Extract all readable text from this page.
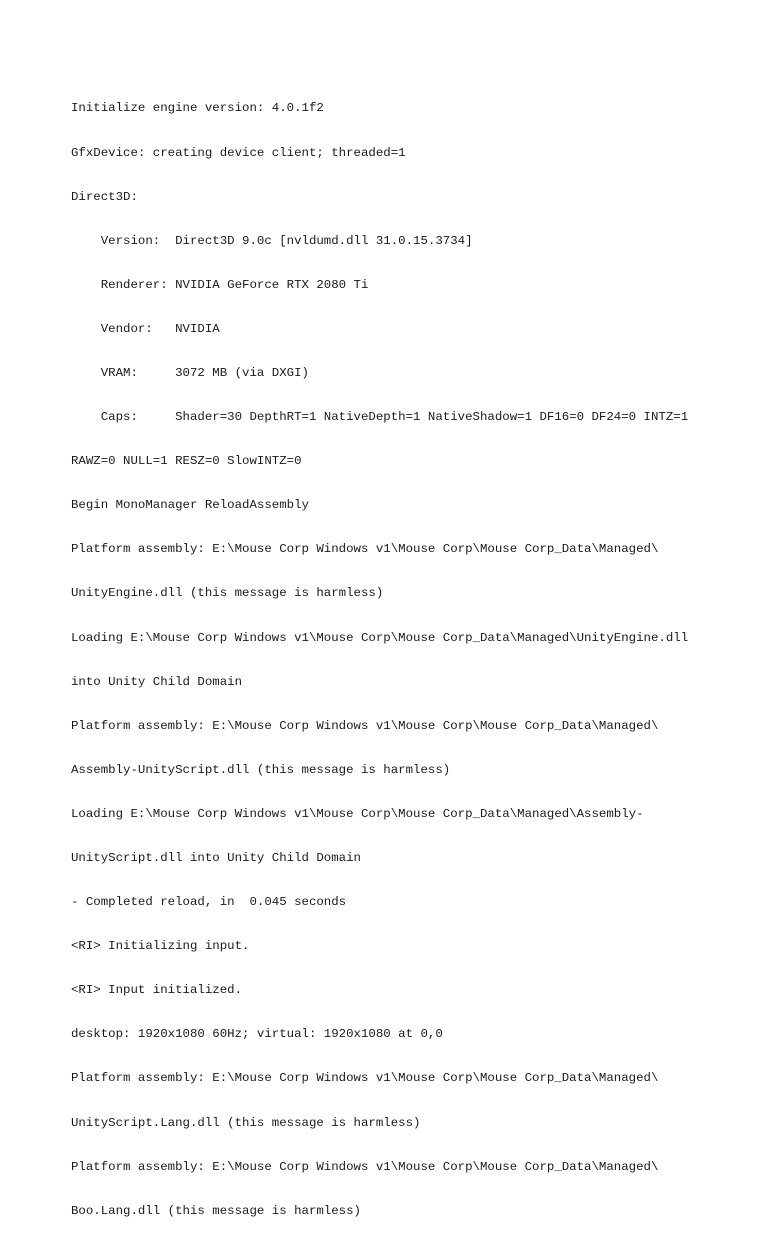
Initialize engine version: 4.0.1f2

GfxDevice: creating device client; threaded=1

Direct3D:

Version:  Direct3D 9.0c [nvldumd.dll 31.0.15.3734]

Renderer: NVIDIA GeForce RTX 2080 Ti

Vendor:   NVIDIA

VRAM:     3072 MB (via DXGI)

Caps:     Shader=30 DepthRT=1 NativeDepth=1 NativeShadow=1 DF16=0 DF24=0 INTZ=1

RAWZ=0 NULL=1 RESZ=0 SlowINTZ=0

Begin MonoManager ReloadAssembly

Platform assembly: E:\Mouse Corp Windows v1\Mouse Corp\Mouse Corp_Data\Managed\

UnityEngine.dll (this message is harmless)

Loading E:\Mouse Corp Windows v1\Mouse Corp\Mouse Corp_Data\Managed\UnityEngine.dll

into Unity Child Domain

Platform assembly: E:\Mouse Corp Windows v1\Mouse Corp\Mouse Corp_Data\Managed\

Assembly-UnityScript.dll (this message is harmless)

Loading E:\Mouse Corp Windows v1\Mouse Corp\Mouse Corp_Data\Managed\Assembly-

UnityScript.dll into Unity Child Domain

- Completed reload, in  0.045 seconds

<RI> Initializing input.

<RI> Input initialized.

desktop: 1920x1080 60Hz; virtual: 1920x1080 at 0,0

Platform assembly: E:\Mouse Corp Windows v1\Mouse Corp\Mouse Corp_Data\Managed\

UnityScript.Lang.dll (this message is harmless)

Platform assembly: E:\Mouse Corp Windows v1\Mouse Corp\Mouse Corp_Data\Managed\

Boo.Lang.dll (this message is harmless)
